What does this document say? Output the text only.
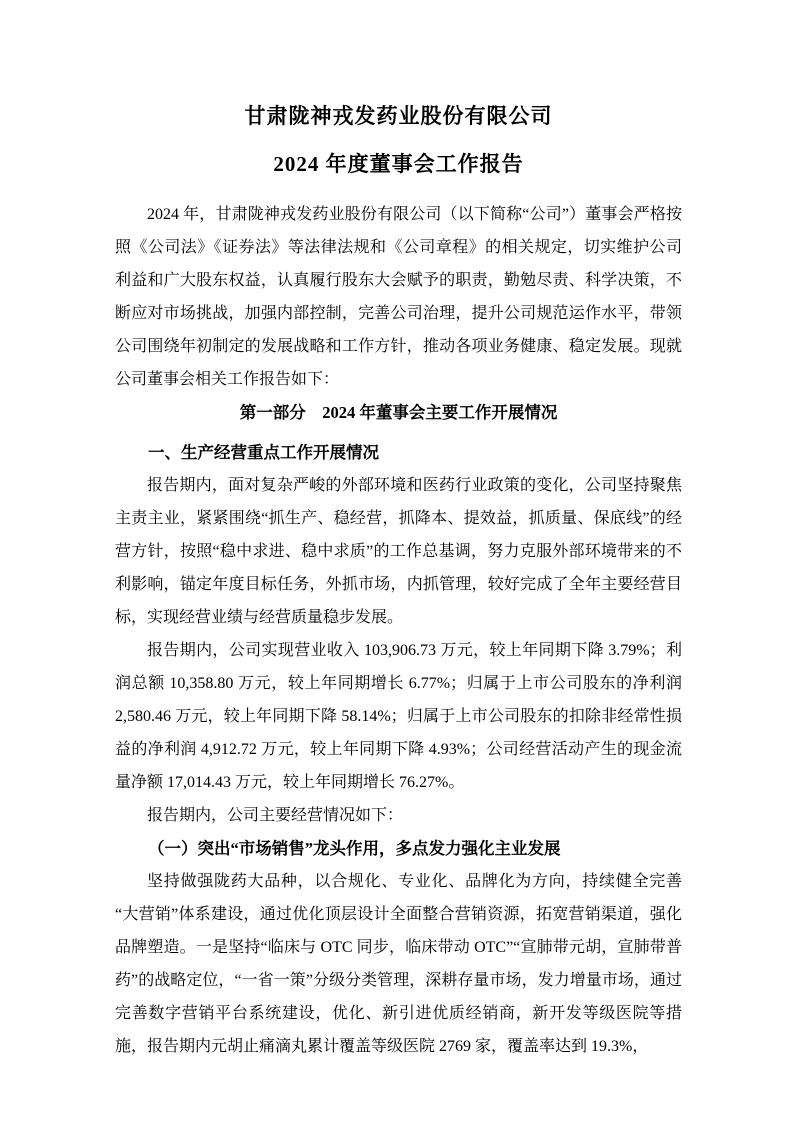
甘肃陇神戎发药业股份有限公司
2024 年度董事会工作报告

2024 年，甘肃陇神戎发药业股份有限公司（以下简称“公司”）董事会严格按照《公司法》《证券法》等法律法规和《公司章程》的相关规定，切实维护公司利益和广大股东权益，认真履行股东大会赋予的职责，勤勉尽责、科学决策，不断应对市场挑战，加强内部控制，完善公司治理，提升公司规范运作水平，带领公司围绕年初制定的发展战略和工作方针，推动各项业务健康、稳定发展。现就公司董事会相关工作报告如下：

第一部分　2024 年董事会主要工作开展情况

一、生产经营重点工作开展情况

报告期内，面对复杂严峻的外部环境和医药行业政策的变化，公司坚持聚焦主责主业，紧紧围绕“抓生产、稳经营，抓降本、提效益，抓质量、保底线”的经营方针，按照“稳中求进、稳中求质”的工作总基调，努力克服外部环境带来的不利影响，锚定年度目标任务，外抓市场，内抓管理，较好完成了全年主要经营目标，实现经营业绩与经营质量稳步发展。

报告期内，公司实现营业收入 103,906.73 万元，较上年同期下降 3.79%；利润总额 10,358.80 万元，较上年同期增长 6.77%；归属于上市公司股东的净利润 2,580.46 万元，较上年同期下降 58.14%；归属于上市公司股东的扣除非经常性损益的净利润 4,912.72 万元，较上年同期下降 4.93%；公司经营活动产生的现金流量净额 17,014.43 万元，较上年同期增长 76.27%。

报告期内，公司主要经营情况如下：

（一）突出“市场销售”龙头作用，多点发力强化主业发展

坚持做强陇药大品种，以合规化、专业化、品牌化为方向，持续健全完善“大营销”体系建设，通过优化顶层设计全面整合营销资源，拓宽营销渠道，强化品牌塑造。一是坚持“临床与 OTC 同步，临床带动 OTC”“宣肺带元胡，宣肺带普药”的战略定位，“一省一策”分级分类管理，深耕存量市场，发力增量市场，通过完善数字营销平台系统建设，优化、新引进优质经销商，新开发等级医院等措施，报告期内元胡止痛滴丸累计覆盖等级医院 2769 家，覆盖率达到 19.3%，
